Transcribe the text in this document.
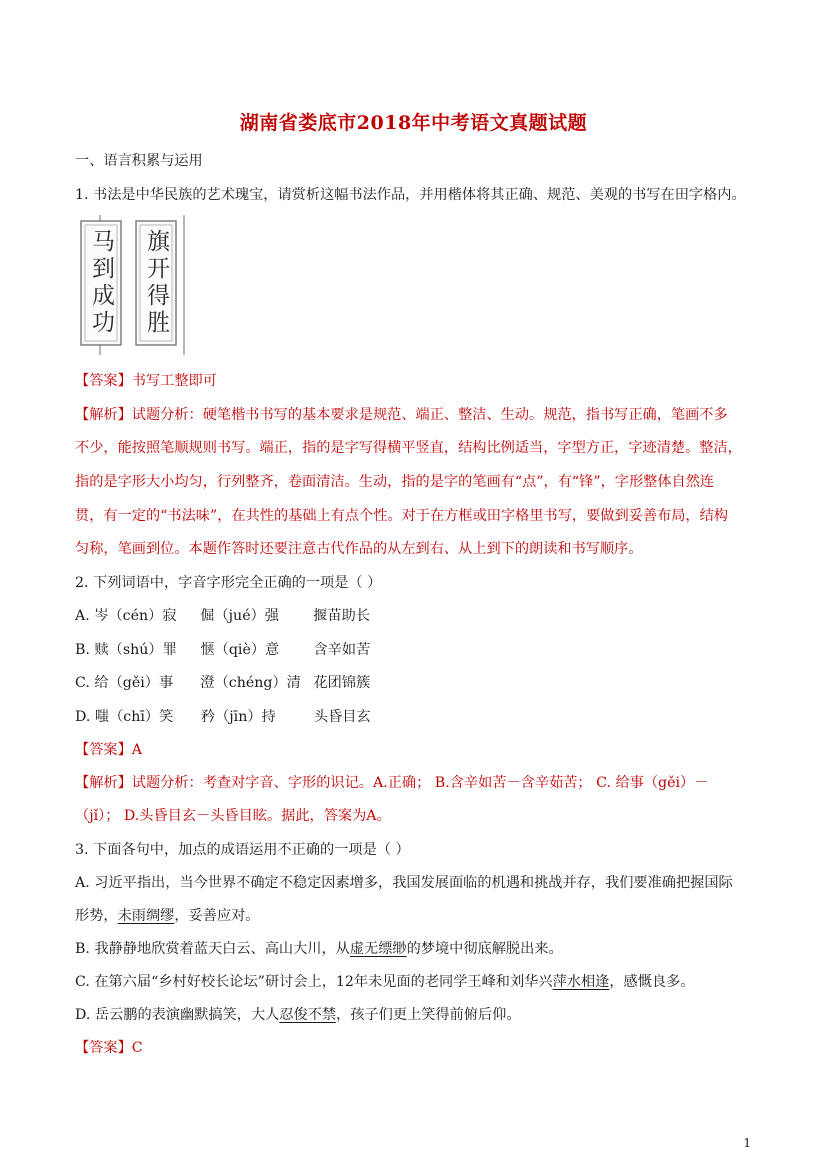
湖南省娄底市2018年中考语文真题试题
一、语言积累与运用
1. 书法是中华民族的艺术瑰宝，请赏析这幅书法作品，并用楷体将其正确、规范、美观的书写在田字格内。
马到成功 旗开得胜
【答案】书写工整即可
【解析】试题分析：硬笔楷书书写的基本要求是规范、端正、整洁、生动。规范，指书写正确，笔画不多
不少，能按照笔顺规则书写。端正，指的是字写得横平竖直，结构比例适当，字型方正，字迹清楚。整洁，
指的是字形大小均匀，行列整齐，卷面清洁。生动，指的是字的笔画有“点”，有“锋”，字形整体自然连
贯，有一定的“书法味”，在共性的基础上有点个性。对于在方框或田字格里书写，要做到妥善布局，结构
匀称，笔画到位。本题作答时还要注意古代作品的从左到右、从上到下的朗读和书写顺序。
2. 下列词语中，字音字形完全正确的一项是（ ）
A. 岑（cén）寂 倔（jué）强 揠苗助长
B. 赎（shú）罪 惬（qiè）意 含辛如苦
C. 给（gěi）事 澄（chéng）清 花团锦簇
D. 嗤（chī）笑 矜（jīn）持	头昏目玄
【答案】A
【解析】试题分析：考查对字音、字形的识记。A.正确； B.含辛如苦－含辛茹苦； C. 给事（gěi）－
（jǐ）； D.头昏目玄－头昏目眩。据此，答案为A。
3. 下面各句中，加点的成语运用不正确的一项是（ ）
A. 习近平指出，当今世界不确定不稳定因素增多，我国发展面临的机遇和挑战并存，我们要准确把握国际
形势，未雨绸缪，妥善应对。
B. 我静静地欣赏着蓝天白云、高山大川，从虚无缥缈的梦境中彻底解脱出来。
C. 在第六届“乡村好校长论坛”研讨会上，12年未见面的老同学王峰和刘华兴萍水相逢，感慨良多。
D. 岳云鹏的表演幽默搞笑，大人忍俊不禁，孩子们更上笑得前俯后仰。
【答案】C
1
